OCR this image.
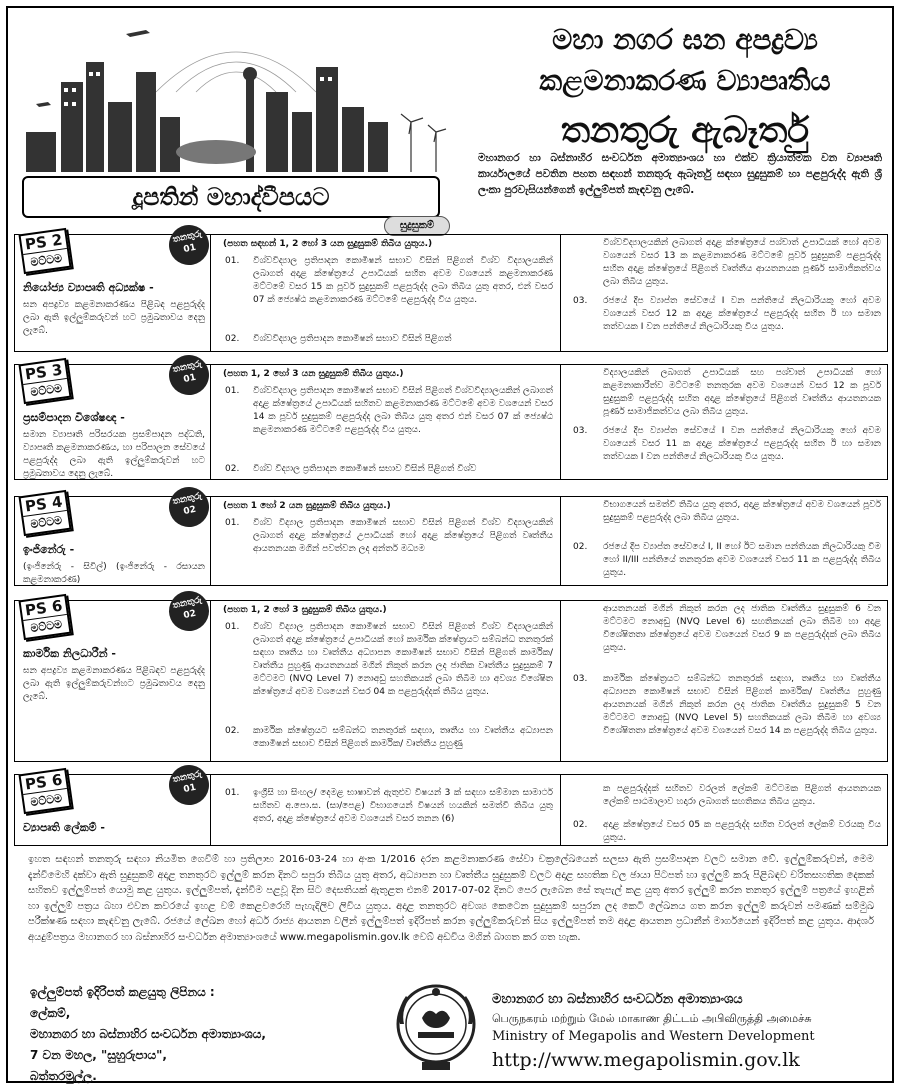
දූපතින් මහාද්වීපයට
මහා නගර ඝන අපද්‍රව්‍ය
කළමනාකරණ ව්‍යාපෘතිය
තනතුරු ඇබෑර්තු
මහානගර හා බස්නාහිර සංවර්ධන අමාත්‍යාංශය හා එක්ව ක්‍රියාත්මක වන ව්‍යාපෘති කාර්යාලයේ පවතින පහත සඳහන් තනතුරු ඇබෑර්තු සඳහා සුදුසුකම් හා පළපුරුද්ද ඇති ශ්‍රී ලංකා පුරවැසියන්ගෙන් ඉල්ලුම්පත් කැඳවනු ලැබේ.
සුදුසුකම්
PS 2
මට්ටම
තනතුරු
01
නියෝජ්‍ය ව්‍යාපෘති අධ්‍යක්ෂ -
ඝන අපද්‍රව්‍ය කළමනාකරණය පිළිබඳ පළපුරුද්ද ලබා ඇති ඉල්ලුම්කරුවන් හට ප්‍රමුඛතාවය දෙනු ලැබේ.
(පහත සඳහන් 1, 2 හෝ 3 යන සුදුසුකම් තිබිය යුතුය.)
01. විශ්වවිද්‍යාල ප්‍රතිපාදන කොමිෂන් සභාව විසින් පිළිගත් විශ්ව විද්‍යාලයකින් ලබාගත් අදාළ ක්ෂේත්‍රයේ උපාධියක් සහිත අවම වශයෙන් කළමනාකරණ මට්ටමේ වසර 15 ක පූර්ව සුදුසුකම් පළපුරුද්ද ලබා තිබිය යුතු අතර, එන් වසර 07 ක් ජ්‍යෙෂ්ඨ කළමනාකරණ මට්ටමේ පළපුරුද්ද විය යුතුය.
02. විශ්වවිද්‍යාල ප්‍රතිපාදන කොමිෂන් සභාව විසින් පිළිගත්
විශ්වවිද්‍යාලයකින් ලබාගත් අදාළ ක්ෂේත්‍රයේ පශ්චාත් උපාධියක් හෝ අවම වශයෙන් වසර 13 ක කළමනාකරණ මට්ටමේ පූර්ව සුදුසුකම් පළපුරුද්ද සහිත අදාළ ක්ෂේත්‍රයේ පිළිගත් වෘත්තීය ආයතනයක පූර්ණ සාමාජිකත්වය ලබා තිබිය යුතුය.
03. රජයේ දීප ව්‍යාප්ත සේවයේ I වන පන්තියේ නිලධාරියකු හෝ අවම වශයෙන් වසර 12 ක අදාළ ක්ෂේත්‍රයේ පළපුරුද්ද සහිත ඊ හා සමාන තත්වයක I වන පන්තියේ නිලධාරියකු විය යුතුය.
PS 3
මට්ටම
තනතුරු
01
ප්‍රසම්පාදන විශේෂඥ -
සමාන ව්‍යාපෘති පරිසරයක ප්‍රසම්පාදන පද්ධති, ව්‍යාපෘති කළමනාකරණය, හා පරිපාලන සේවයේ පළපුරුද්ද ලබා ඇති ඉල්ලුම්කරුවන් හට ප්‍රමුඛතාවය දෙනු ලැබේ.
(පහත 1, 2 හෝ 3 යන සුදුසුකම් තිබිය යුතුය.)
01. විශ්වවිද්‍යාල ප්‍රතිපාදන කොමිෂන් සභාව විසින් පිළිගත් විශ්වවිද්‍යාලයකින් ලබාගත් අදාළ ක්ෂේත්‍රයේ උපාධියක් සහිතව කළමනාකරණ මට්ටමේ අවම වශයෙන් වසර 14 ක පූර්ව සුදුසුකම් පළපුරුද්ද ලබා තිබිය යුතු අතර එන් වසර 07 ක් ජ්‍යෙෂ්ඨ කළමනාකරණ මට්ටමේ පළපුරුද්ද විය යුතුය.
02. විශ්ව විද්‍යාල ප්‍රතිපාදන කොමිෂන් සභාව විසින් පිළිගත් විශ්ව
විද්‍යාලයකින් ලබාගත් උපාධියක් සහ පශ්චාත් උපාධියක් හෝ කළමනාකාරීත්ව මට්ටමේ තනතුරක අවම වශයෙන් වසර 12 ක පූර්ව සුදුසුකම් පළපුරුද්ද සහිත අදාළ ක්ෂේත්‍රයේ පිළිගත් වෘත්තීය ආයතනයක පූර්ණ සාමාජිකත්වය ලබා තිබිය යුතුය.
03. රජයේ දීප ව්‍යාප්ත සේවයේ I වන පන්තියේ නිලධාරියකු හෝ අවම වශයෙන් වසර 11 ක අදාළ ක්ෂේත්‍රයේ පළපුරුද්ද සහිත ඊ හා සමාන තත්වයක I වන පන්තියේ නිලධාරියකු විය යුතුය.
PS 4
මට්ටම
තනතුරු
02
ඉංජිනේරු -
(ඉංජිනේරු - සිවිල්) (ඉංජිනේරු - රසායන කළමනාකරණ)
(පහත 1 හෝ 2 යන සුදුසුකම් තිබිය යුතුය.)
01. විශ්ව විද්‍යාල ප්‍රතිපාදන කොමිෂන් සභාව විසින් පිළිගත් විශ්ව විද්‍යාලයකින් ලබාගත් අදාළ ක්ෂේත්‍රයේ උපාධියක් හෝ අදාළ ක්ෂේත්‍රයේ පිළිගත් වෘත්තීය ආයතනයක මගින් පවත්වන ලද අන්තර් මධ්‍යම
විභාගයෙන් සමත්වී තිබිය යුතු අතර, අදාළ ක්ෂේත්‍රයේ අවම වශයෙන් පූර්ව සුදුසුකම් පළපුරුද්ද ලබා තිබිය යුතුය.
02. රජයේ දීප ව්‍යාප්ත සේවයේ I, II හෝ ඊට සමාන පන්තියක නිලධාරියකු විම හෝ II/III පන්තියේ තනතුරක අවම වශයෙන් වසර 11 ක පළපුරුද්ද තිබිය යුතුය.
PS 6
මට්ටම
තනතුරු
02
කාර්මික නිලධාරීන් -
ඝන අපද්‍රව්‍ය කළමනාකරණය පිළිබඳව පළපුරුද්ද ලබා ඇති ඉල්ලුම්කරුවන්හට ප්‍රමුඛතාවය දෙනු ලැබේ.
(පහත 1, 2 හෝ 3 සුදුසුකම් තිබිය යුතුය.)
01. විශ්ව විද්‍යාල ප්‍රතිපාදන කොමිෂන් සභාව විසින් පිළිගත් විශ්ව විද්‍යාලයකින් ලබාගත් අදාළ ක්ෂේත්‍රයේ උපාධියක් හෝ කාර්මික ක්ෂේත්‍රයට සම්බන්ධ තනතුරක් සඳහා තෘතීය හා වෘත්තීය අධ්‍යාපන කොමිෂන් සභාව විසින් පිළිගත් කාර්මික/ වෘත්තීය පුහුණු ආයතනයක් මගින් නිකුත් කරන ලද ජාතික වෘත්තීය සුදුසුකම් 7 මට්ටමට (NVQ Level 7) නොඅඩු සහතිකයක් ලබා තිබීම හා අවශ්‍ය විශේෂිත ක්ෂේත්‍රයේ අවම වශයෙන් වසර 04 ක පළපුරුද්දක් තිබිය යුතුය.
02. කාර්මික ක්ෂේත්‍රයට සම්බන්ධ තනතුරක් සඳහා, තෘතීය හා වෘත්තීය අධ්‍යාපන කොමිෂන් සභාව විසින් පිළිගත් කාර්මික/ වෘත්තීය පුහුණු
ආයතනයක් මගින් නිකුත් කරන ලද ජාතික වෘත්තීය සුදුසුකම් 6 වන මට්ටමට නොඅඩු (NVQ Level 6) සහතිකයක් ලබා තිබීම හා අදාළ විශේෂිතතා ක්ෂේත්‍රයේ අවම වශයෙන් වසර 9 ක පළපුරුද්දක් ලබා තිබිය යුතුය.
03. කාර්මික ක්ෂේත්‍රයට සම්බන්ධ තනතුරක් සඳහා, තෘතීය හා වෘත්තීය අධ්‍යාපන කොමිෂන් සභාව විසින් පිළිගත් කාර්මික/ වෘත්තීය පුහුණු ආයතනයක් මගින් නිකුත් කරන ලද ජාතික වෘත්තීය සුදුසුකම් 5 වන මට්ටමට නොඅඩු (NVQ Level 5) සහතිකයක් ලබා තිබීම හා අවශ්‍ය විශේෂිතතා ක්ෂේත්‍රයේ අවම වශයෙන් වසර 14 ක පළපුරුද්ද තිබිය යුතුය.
PS 6
මට්ටම
තනතුරු
01
ව්‍යාපෘති ලේකම් -
01. ඉංග්‍රීසි හා සිංහල/ දෙමළ භාෂාවන් ඇතුළුව විෂයන් 3 ක් සඳහා සම්මාන සාමාර්ථ සහිතව අ.පො.ස. (සා/පෙළ) විභාගයෙන් විෂයන් හයකින් සමත්වී තිබිය යුතු අතර, අදාළ ක්ෂේත්‍රයේ අවම වශයෙන් වසර තනන (6)
ක පළපුරුද්දක් සහිතව වරලත් ලේකම් මට්ටමක පිළිගත් ආයතනයක ලේකම් පාඨමාලාව හදාරා ලබාගත් සහතිකය තිබිය යුතුය.
02. අදාළ ක්ෂේත්‍රයේ වසර 05 ක පළපුරුද්ද සහිත වරලත් ලේකම් වරයකු විය යුතුය.
ඉහත සඳහන් තනතුරු සඳහා නියමිත ගෙවීම් හා ප්‍රතිලාභ 2016-03-24 හා අංක 1/2016 දරන කළමනාකරණ සේවා චක්‍රලේඛයෙන් සලසා ඇති ප්‍රසම්පාදන වලට සමාන වේ. ඉල්ලුම්කරුවන්, මෙම දැන්වීමෙහි දක්වා ඇති සුදුසුකම් අදාළ තනතුරට ඉල්ලුම් කරන දිනට සපුරා තිබිය යුතු අතර, අධ්‍යාපන හා වෘත්තීය සුදුසුකම් වලට අදාළ සහතික වල ඡායා පිටපත් හා ඉල්ලුම් කරු පිළිබඳව චරිතසහතික දෙකක් සහිතව ඉල්ලුම්පත් යොමු කළ යුතුය. ඉල්ලුම්පත්, දැන්වීම පළවූ දින සිට දෙසතියක් ඇතුළත එනම් 2017-07-02 දිනට පෙර ලැබෙන සේ තැපැල් කළ යුතු අතර ඉල්ලුම් කරන තනතුර ඉල්ලුම් පත්‍රයේ ඉහළින් හා ඉල්ලුම් පත්‍රය බහා එවන කවරයේ ඉහළ වම් කෙළවරෙහි පැහැදිලිව ලිවිය යුතුය. අදාළ තනතුරට අවශ්‍ය කෙටෙන සුදුසුකම් සපුරන ලද කෙටි ලේඛනය ගත කරන ඉල්ලුම් කරුවන් පමණක් සම්මුඛ පරීක්ෂණ සඳහා කැඳවනු ලැබේ. රජයේ ලේඛන හෝ අර්ධ රාජ්‍ය ආයතන වලින් ඉල්ලුම්පත් ඉදිරිපත් කරන ඉල්ලුම්කරුවන් සිය ඉල්ලුම්පත් තම අදාළ ආයතන ප්‍රධානීන් මාර්ගයෙන් ඉදිරිපත් කළ යුතුය. ආදර්ශ අයදුම්පත්‍රය මහානගර හා බස්නාහිර සංවර්ධන අමාත්‍යාංශයේ www.megapolismin.gov.lk වෙබ් අඩවිය මගින් බාගත කර ගත හැක.
ඉල්ලුම්පත් ඉදිරිපත් කළයුතු ලිපිනය :
ලේකම්,
මහානගර හා බස්නාහිර සංවර්ධන අමාත්‍යාංශය,
7 වන මහල, "සුහුරුපාය",
බත්තරමුල්ල.
මහානගර හා බස්නාහිර සංවර්ධන අමාත්‍යාංශය
பெருநகரம் மற்றும் மேல் மாகாண திட்டம் அபிவிருத்தி அமைச்சு
Ministry of Megapolis and Western Development
http://www.megapolismin.gov.lk
